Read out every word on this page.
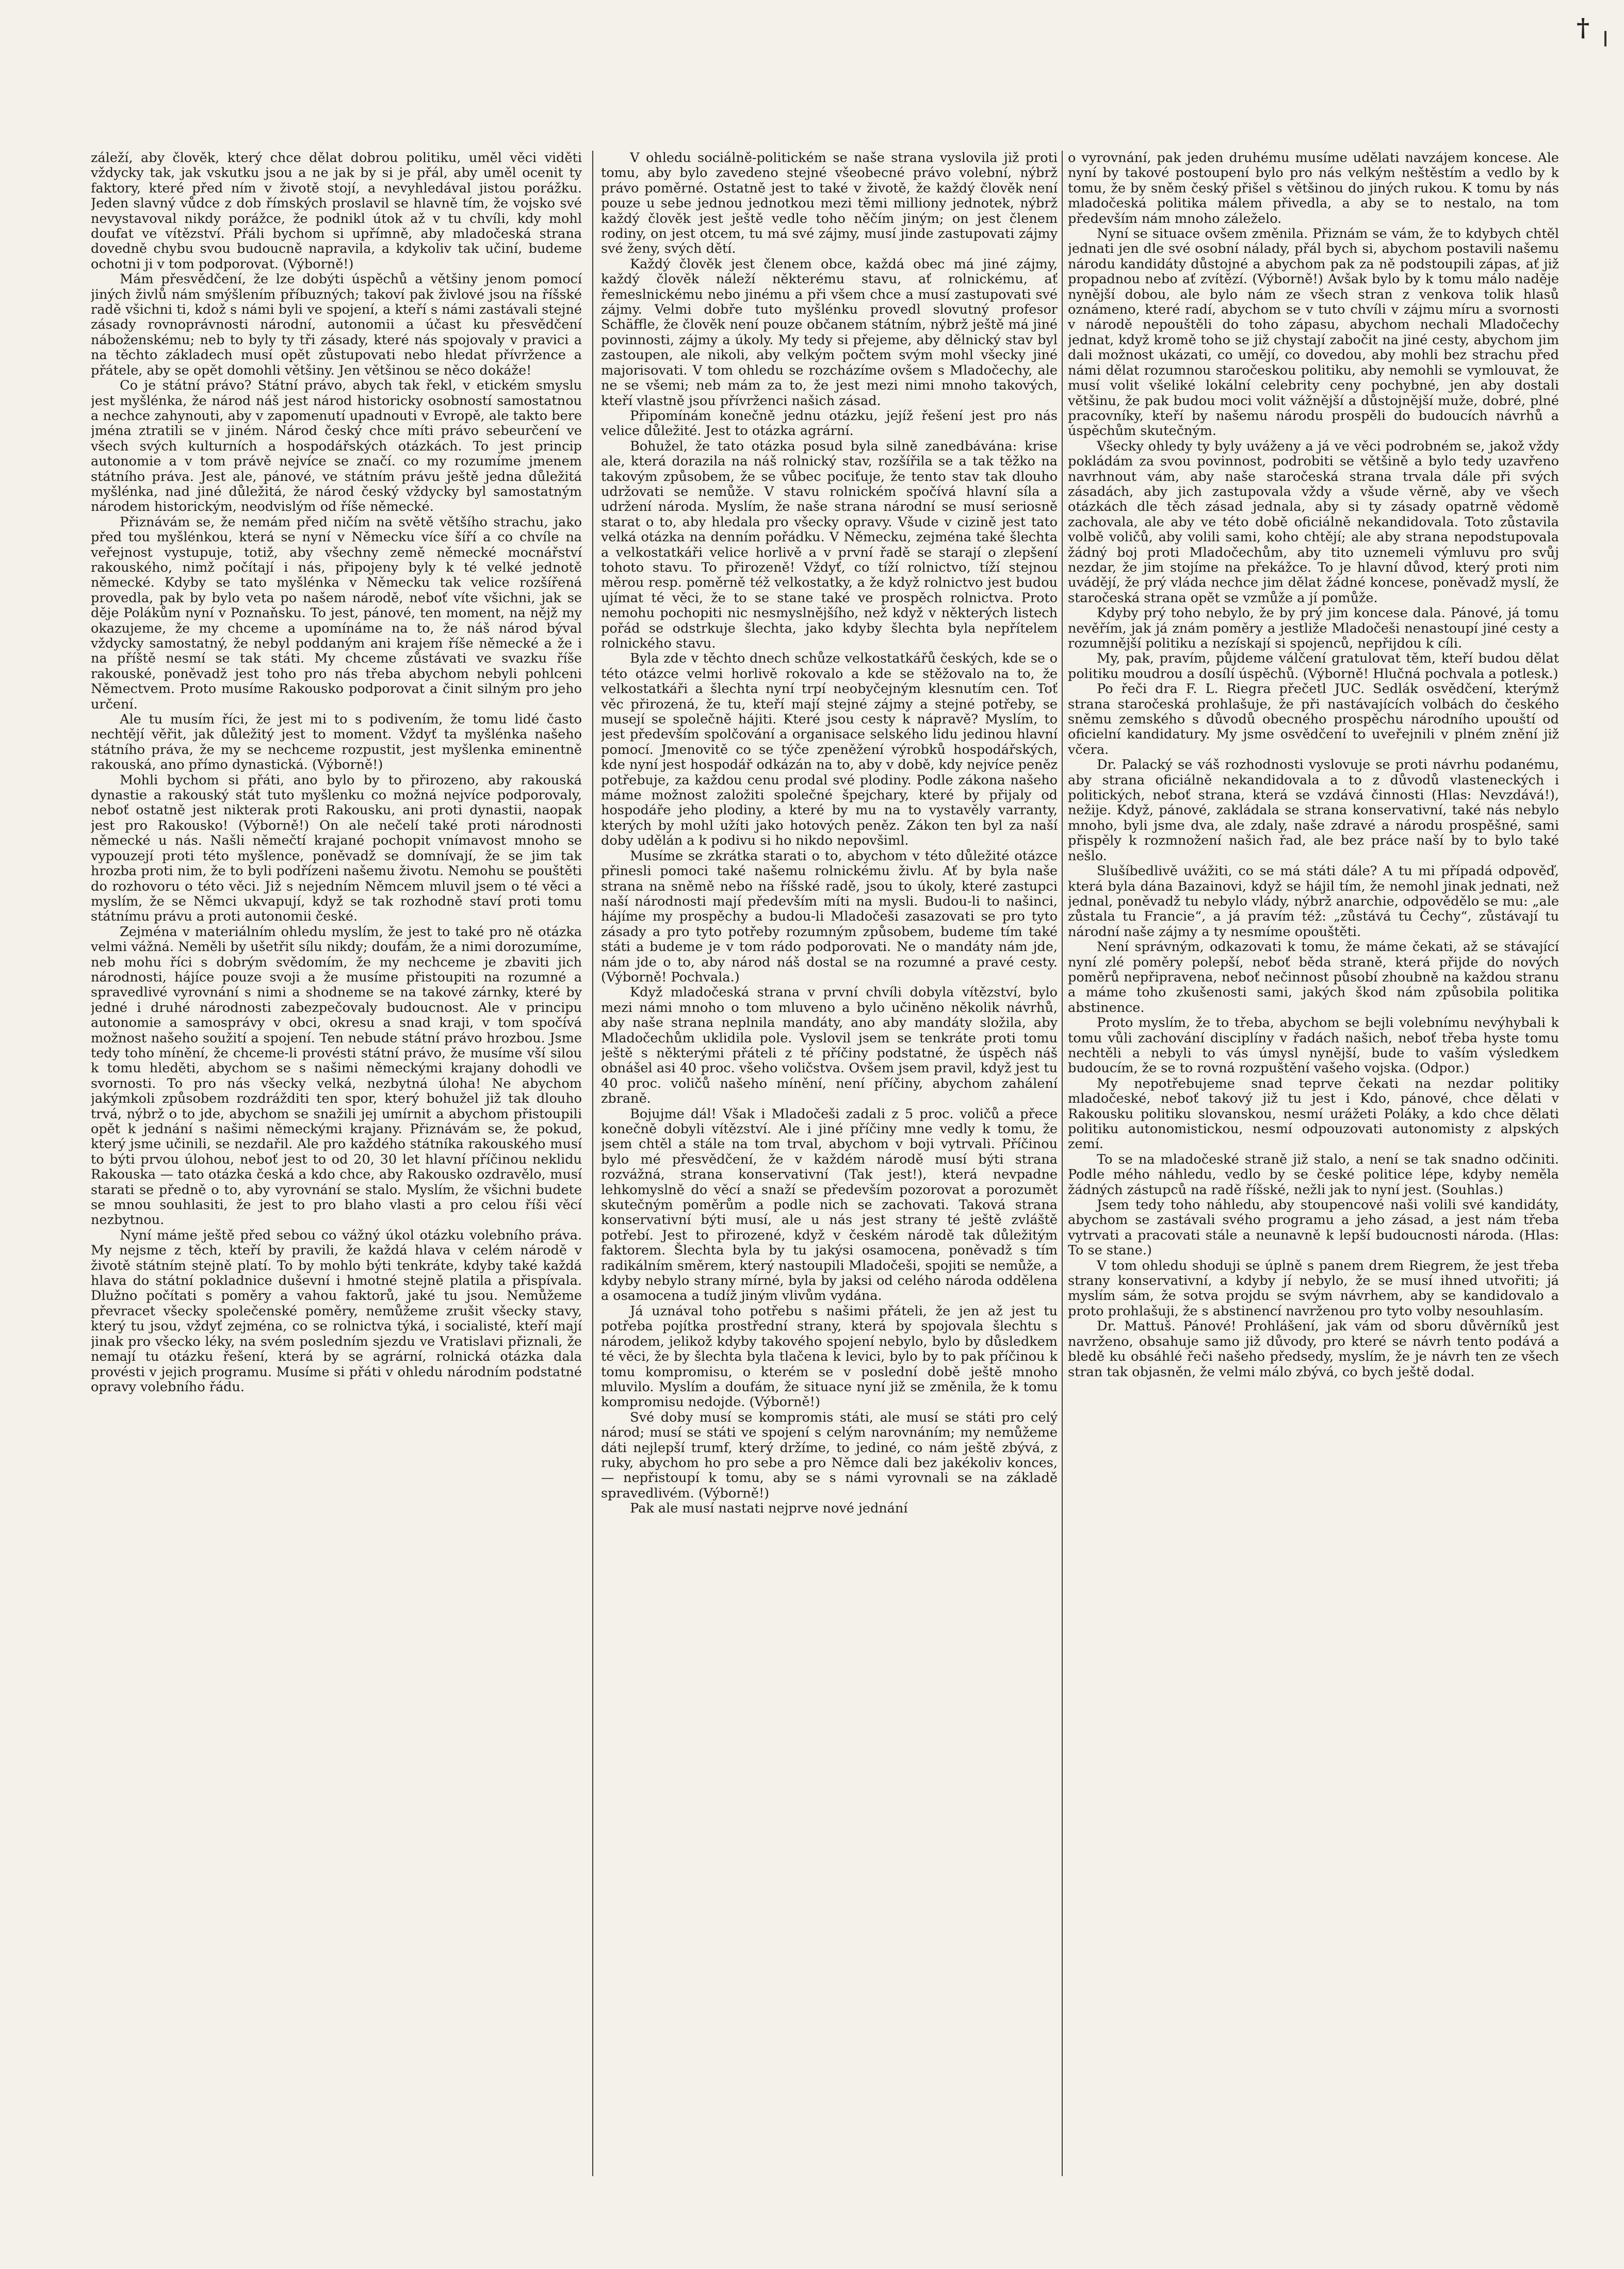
†

záleží, aby člověk, který chce dělat dobrou politiku, uměl věci viděti vždycky tak, jak vskutku jsou a ne jak by si je přál, aby uměl ocenit ty faktory, které před ním v životě stojí, a nevyhledával jistou porážku. Jeden slavný vůdce z dob římských proslavil se hlavně tím, že vojsko své nevystavoval nikdy porážce, že podnikl útok až v tu chvíli, kdy mohl doufat ve vítězství. Přáli bychom si upřímně, aby mladočeská strana dovedně chybu svou budoucně napravila, a kdykoliv tak učiní, budeme ochotni ji v tom podporovat. (Výborně!)

Mám přesvědčení, že lze dobýti úspěchů a většiny jenom pomocí jiných živlů nám smýšlením příbuzných; takoví pak živlové jsou na říšské radě všichni ti, kdož s námi byli ve spojení, a kteří s námi zastávali stejné zásady rovnoprávnosti národní, autonomii a účast ku přesvědčení náboženskému; neb to byly ty tři zásady, které nás spojovaly v pravici a na těchto základech musí opět zůstupovati nebo hledat přívržence a přátele, aby se opět domohli většiny. Jen většinou se něco dokáže!

Co je státní právo? Státní právo, abych tak řekl, v etickém smyslu jest myšlénka, že národ náš jest národ historicky osobností samostatnou a nechce zahynouti, aby v zapomenutí upadnouti v Evropě, ale takto bere jména ztratili se v jiném. Národ český chce míti právo sebeurčení ve všech svých kulturních a hospodářských otázkách. To jest princip autonomie a v tom právě nejvíce se značí. co my rozumíme jmenem státního práva. Jest ale, pánové, ve státním právu ještě jedna důležitá myšlénka, nad jiné důležitá, že národ český vždycky byl samostatným národem historickým, neodvislým od říše německé.

Přiznávám se, že nemám před ničím na světě většího strachu, jako před tou myšlénkou, která se nyní v Německu více šíří a co chvíle na veřejnost vystupuje, totiž, aby všechny země německé mocnářství rakouského, nimž počítají i nás, připojeny byly k té velké jednotě německé. Kdyby se tato myšlénka v Německu tak velice rozšířená provedla, pak by bylo veta po našem národě, neboť víte všichni, jak se děje Polákům nyní v Poznaňsku. To jest, pánové, ten moment, na nějž my okazujeme, že my chceme a upomínáme na to, že náš národ býval vždycky samostatný, že nebyl poddaným ani krajem říše německé a že i na příště nesmí se tak státi. My chceme zůstávati ve svazku říše rakouské, poněvadž jest toho pro nás třeba abychom nebyli pohlceni Němectvem. Proto musíme Rakousko podporovat a činit silným pro jeho určení.

Ale tu musím říci, že jest mi to s podivením, že tomu lidé často nechtějí věřit, jak důležitý jest to moment. Vždyť ta myšlénka našeho státního práva, že my se nechceme rozpustit, jest myšlenka eminentně rakouská, ano přímo dynastická. (Výborně!)

Mohli bychom si přáti, ano bylo by to přirozeno, aby rakouská dynastie a rakouský stát tuto myšlenku co možná nejvíce podporovaly, neboť ostatně jest nikterak proti Rakousku, ani proti dynastii, naopak jest pro Rakousko! (Výborně!) On ale nečelí také proti národnosti německé u nás. Našli němečtí krajané pochopit vnímavost mnoho se vypouzejí proti této myšlence, poněvadž se domnívají, že se jim tak hrozba proti nim, že to byli podřízeni našemu životu. Nemohu se pouštěti do rozhovoru o této věci. Již s nejedním Němcem mluvil jsem o té věci a myslím, že se Němci ukvapují, když se tak rozhodně staví proti tomu státnímu právu a proti autonomii české.

Zejména v materiálním ohledu myslím, že jest to také pro ně otázka velmi vážná. Neměli by ušetřit sílu nikdy; doufám, že a nimi dorozumíme, neb mohu říci s dobrým svědomím, že my nechceme je zbaviti jich národnosti, hájíce pouze svoji a že musíme přistoupiti na rozumné a spravedlivé vyrovnání s nimi a shodneme se na takové zárnky, které by jedné i druhé národnosti zabezpečovaly budoucnost. Ale v principu autonomie a samosprávy v obci, okresu a snad kraji, v tom spočívá možnost našeho soužití a spojení. Ten nebude státní právo hrozbou. Jsme tedy toho mínění, že chceme-li provésti státní právo, že musíme vší silou k tomu hleděti, abychom se s našimi německými krajany dohodli ve svornosti. To pro nás všecky velká, nezbytná úloha! Ne abychom jakýmkoli způsobem rozdrážditi ten spor, který bohužel již tak dlouho trvá, nýbrž o to jde, abychom se snažili jej umírnit a abychom přistoupili opět k jednání s našimi německými krajany. Přiznávám se, že pokud, který jsme učinili, se nezdařil. Ale pro každého státníka rakouského musí to býti prvou úlohou, neboť jest to od 20, 30 let hlavní příčinou neklidu Rakouska — tato otázka česká a kdo chce, aby Rakousko ozdravělo, musí starati se předně o to, aby vyrovnání se stalo. Myslím, že všichni budete se mnou souhlasiti, že jest to pro blaho vlasti a pro celou říši věcí nezbytnou.

Nyní máme ještě před sebou co vážný úkol otázku volebního práva. My nejsme z těch, kteří by pravili, že každá hlava v celém národě v životě státním stejně platí. To by mohlo býti tenkráte, kdyby také každá hlava do státní pokladnice duševní i hmotné stejně platila a přispívala. Dlužno počítati s poměry a vahou faktorů, jaké tu jsou. Nemůžeme převracet všecky společenské poměry, nemůžeme zrušit všecky stavy, který tu jsou, vždyť zejména, co se rolnictva týká, i socialisté, kteří mají jinak pro všecko léky, na svém posledním sjezdu ve Vratislavi přiznali, že nemají tu otázku řešení, která by se agrární, rolnická otázka dala provésti v jejich programu. Musíme si přáti v ohledu národním podstatné opravy volebního řádu.

V ohledu sociálně-politickém se naše strana vyslovila již proti tomu, aby bylo zavedeno stejné všeobecné právo volební, nýbrž právo poměrné. Ostatně jest to také v životě, že každý člověk není pouze u sebe jednou jednotkou mezi těmi milliony jednotek, nýbrž každý člověk jest ještě vedle toho něčím jiným; on jest členem rodiny, on jest otcem, tu má své zájmy, musí jinde zastupovati zájmy své ženy, svých dětí.

Každý člověk jest členem obce, každá obec má jiné zájmy, každý člověk náleží některému stavu, ať rolnickému, ať řemeslnickému nebo jinému a při všem chce a musí zastupovati své zájmy. Velmi dobře tuto myšlénku provedl slovutný profesor Schäffle, že člověk není pouze občanem státním, nýbrž ještě má jiné povinnosti, zájmy a úkoly. My tedy si přejeme, aby dělnický stav byl zastoupen, ale nikoli, aby velkým počtem svým mohl všecky jiné majorisovati. V tom ohledu se rozcházíme ovšem s Mladočechy, ale ne se všemi; neb mám za to, že jest mezi nimi mnoho takových, kteří vlastně jsou přívrženci našich zásad.

Připomínám konečně jednu otázku, jejíž řešení jest pro nás velice důležité. Jest to otázka agrární.

Bohužel, že tato otázka posud byla silně zanedbávána: krise ale, která dorazila na náš rolnický stav, rozšířila se a tak těžko na takovým způsobem, že se vůbec pociťuje, že tento stav tak dlouho udržovati se nemůže. V stavu rolnickém spočívá hlavní síla a udržení národa. Myslím, že naše strana národní se musí seriosně starat o to, aby hledala pro všecky opravy. Všude v cizině jest tato velká otázka na denním pořádku. V Německu, zejména také šlechta a velkostatkáři velice horlivě a v první řadě se starají o zlepšení tohoto stavu. To přirozeně! Vždyť, co tíží rolnictvo, tíží stejnou měrou resp. poměrně též velkostatky, a že když rolnictvo jest budou ujímat té věci, že to se stane také ve prospěch rolnictva. Proto nemohu pochopiti nic nesmyslnějšího, než když v některých listech pořád se odstrkuje šlechta, jako kdyby šlechta byla nepřítelem rolnického stavu.

Byla zde v těchto dnech schůze velkostatkářů českých, kde se o této otázce velmi horlivě rokovalo a kde se stěžovalo na to, že velkostatkáři a šlechta nyní trpí neobyčejným klesnutím cen. Toť věc přirozená, že tu, kteří mají stejné zájmy a stejné potřeby, se musejí se společně hájiti. Které jsou cesty k nápravě? Myslím, to jest především spolčování a organisace selského lidu jedinou hlavní pomocí. Jmenovitě co se týče zpeněžení výrobků hospodářských, kde nyní jest hospodář odkázán na to, aby v době, kdy nejvíce peněz potřebuje, za každou cenu prodal své plodiny. Podle zákona našeho máme možnost založiti společné špejchary, které by přijaly od hospodáře jeho plodiny, a které by mu na to vystavěly varranty, kterých by mohl užíti jako hotových peněz. Zákon ten byl za naší doby udělán a k podivu si ho nikdo nepovšiml.

Musíme se zkrátka starati o to, abychom v této důležité otázce přinesli pomoci také našemu rolnickému živlu. Ať by byla naše strana na sněmě nebo na říšské radě, jsou to úkoly, které zastupci naší národnosti mají především míti na mysli. Budou-li to našinci, hájíme my prospěchy a budou-li Mladočeši zasazovati se pro tyto zásady a pro tyto potřeby rozumným způsobem, budeme tím také státi a budeme je v tom rádo podporovati. Ne o mandáty nám jde, nám jde o to, aby národ náš dostal se na rozumné a pravé cesty. (Výborně! Pochvala.)

Když mladočeská strana v první chvíli dobyla vítězství, bylo mezi námi mnoho o tom mluveno a bylo učiněno několik návrhů, aby naše strana neplnila mandáty, ano aby mandáty složila, aby Mladočechům uklidila pole. Vyslovil jsem se tenkráte proti tomu ještě s některými přáteli z té příčiny podstatné, že úspěch náš obnášel asi 40 proc. všeho voličstva. Ovšem jsem pravil, když jest tu 40 proc. voličů našeho mínění, není příčiny, abychom zahálení zbraně.

Bojujme dál! Však i Mladočeši zadali z 5 proc. voličů a přece konečně dobyli vítězství. Ale i jiné příčiny mne vedly k tomu, že jsem chtěl a stále na tom trval, abychom v boji vytrvali. Příčinou bylo mé přesvědčení, že v každém národě musí býti strana rozvážná, strana konservativní (Tak jest!), která nevpadne lehkomyslně do věcí a snaží se především pozorovat a porozumět skutečným poměrům a podle nich se zachovati. Taková strana konservativní býti musí, ale u nás jest strany té ještě zvláště potřebí. Jest to přirozené, když v českém národě tak důležitým faktorem. Šlechta byla by tu jakýsi osamocena, poněvadž s tím radikálním směrem, který nastoupili Mladočeši, spojiti se nemůže, a kdyby nebylo strany mírné, byla by jaksi od celého národa oddělena a osamocena a tudíž jiným vlivům vydána.

Já uznával toho potřebu s našimi přáteli, že jen až jest tu potřeba pojítka prostřední strany, která by spojovala šlechtu s národem, jelikož kdyby takového spojení nebylo, bylo by důsledkem té věci, že by šlechta byla tlačena k levici, bylo by to pak příčinou k tomu kompromisu, o kterém se v poslední době ještě mnoho mluvilo. Myslím a doufám, že situace nyní již se změnila, že k tomu kompromisu nedojde. (Výborně!)

Své doby musí se kompromis státi, ale musí se státi pro celý národ; musí se státi ve spojení s celým narovnáním; my nemůžeme dáti nejlepší trumf, který držíme, to jediné, co nám ještě zbývá, z ruky, abychom ho pro sebe a pro Němce dali bez jakékoliv konces, — nepřistoupí k tomu, aby se s námi vyrovnali se na základě spravedlivém. (Výborně!)

Pak ale musí nastati nejprve nové jednání

o vyrovnání, pak jeden druhému musíme udělati navzájem koncese. Ale nyní by takové postoupení bylo pro nás velkým neštěstím a vedlo by k tomu, že by sněm český přišel s většinou do jiných rukou. K tomu by nás mladočeská politika málem přivedla, a aby se to nestalo, na tom především nám mnoho záleželo.

Nyní se situace ovšem změnila. Přiznám se vám, že to kdybych chtěl jednati jen dle své osobní nálady, přál bych si, abychom postavili našemu národu kandidáty důstojné a abychom pak za ně podstoupili zápas, ať již propadnou nebo ať zvítězí. (Výborně!) Avšak bylo by k tomu málo naděje nynější dobou, ale bylo nám ze všech stran z venkova tolik hlasů oznámeno, které radí, abychom se v tuto chvíli v zájmu míru a svornosti v národě nepouštěli do toho zápasu, abychom nechali Mladočechy jednat, když kromě toho se již chystají zabočit na jiné cesty, abychom jim dali možnost ukázati, co umějí, co dovedou, aby mohli bez strachu před námi dělat rozumnou staročeskou politiku, aby nemohli se vymlouvat, že musí volit všeliké lokální celebrity ceny pochybné, jen aby dostali většinu, že pak budou moci volit vážnější a důstojnější muže, dobré, plné pracovníky, kteří by našemu národu prospěli do budoucích návrhů a úspěchům skutečným.

Všecky ohledy ty byly uváženy a já ve věci podrobném se, jakož vždy pokládám za svou povinnost, podrobiti se většině a bylo tedy uzavřeno navrhnout vám, aby naše staročeská strana trvala dále při svých zásadách, aby jich zastupovala vždy a všude věrně, aby ve všech otázkách dle těch zásad jednala, aby si ty zásady opatrně vědomě zachovala, ale aby ve této době oficiálně nekandidovala. Toto zůstavila volbě voličů, aby volili sami, koho chtějí; ale aby strana nepodstupovala žádný boj proti Mladočechům, aby tito uznemeli výmluvu pro svůj nezdar, že jim stojíme na překážce. To je hlavní důvod, který proti nim uvádějí, že prý vláda nechce jim dělat žádné koncese, poněvadž myslí, že staročeská strana opět se vzmůže a jí pomůže.

Kdyby prý toho nebylo, že by prý jim koncese dala. Pánové, já tomu nevěřím, jak já znám poměry a jestliže Mladočeši nenastoupí jiné cesty a rozumnější politiku a nezískají si spojenců, nepřijdou k cíli.

My, pak, pravím, půjdeme válčení gratulovat těm, kteří budou dělat politiku moudrou a dosílí úspěchů. (Výborně! Hlučná pochvala a potlesk.)

Po řeči dra F. L. Riegra přečetl JUC. Sedlák osvědčení, kterýmž strana staročeská prohlašuje, že při nastávajících volbách do českého sněmu zemského s důvodů obecného prospěchu národního upouští od oficielní kandidatury. My jsme osvědčení to uveřejnili v plném znění již včera.

Dr. Palacký se váš rozhodnosti vyslovuje se proti návrhu podanému, aby strana oficiálně nekandidovala a to z důvodů vlasteneckých i politických, neboť strana, která se vzdává činnosti (Hlas: Nevzdává!), nežije. Když, pánové, zakládala se strana konservativní, také nás nebylo mnoho, byli jsme dva, ale zdaly, naše zdravé a národu prospěšné, sami přispěly k rozmnožení našich řad, ale bez práce naší by to bylo také nešlo.

Slušíbedlivě uvážiti, co se má státi dále? A tu mi případá odpověď, která byla dána Bazainovi, když se hájil tím, že nemohl jinak jednati, než jednal, poněvadž tu nebylo vlády, nýbrž anarchie, odpovědělo se mu: „ale zůstala tu Francie“, a já pravím též: „zůstává tu Čechy“, zůstávají tu národní naše zájmy a ty nesmíme opouštěti.

Není správným, odkazovati k tomu, že máme čekati, až se stávající nyní zlé poměry polepší, neboť běda straně, která přijde do nových poměrů nepřipravena, neboť nečinnost působí zhoubně na každou stranu a máme toho zkušenosti sami, jakých škod nám způsobila politika abstinence.

Proto myslím, že to třeba, abychom se bejli volebnímu nevýhybali k tomu vůli zachování disciplíny v řadách našich, neboť třeba hyste tomu nechtěli a nebyli to vás úmysl nynější, bude to vaším výsledkem budoucím, že se to rovná rozpuštění vašeho vojska. (Odpor.)

My nepotřebujeme snad teprve čekati na nezdar politiky mladočeské, neboť takový již tu jest i Kdo, pánové, chce dělati v Rakousku politiku slovanskou, nesmí urážeti Poláky, a kdo chce dělati politiku autonomistickou, nesmí odpouzovati autonomisty z alpských zemí.

To se na mladočeské straně již stalo, a není se tak snadno odčiniti. Podle mého náhledu, vedlo by se české politice lépe, kdyby neměla žádných zástupců na radě říšské, nežli jak to nyní jest. (Souhlas.)

Jsem tedy toho náhledu, aby stoupencové naši volili své kandidáty, abychom se zastávali svého programu a jeho zásad, a jest nám třeba vytrvati a pracovati stále a neunavně k lepší budoucnosti národa. (Hlas: To se stane.)

V tom ohledu shoduji se úplně s panem drem Riegrem, že jest třeba strany konservativní, a kdyby jí nebylo, že se musí ihned utvořiti; já myslím sám, že sotva projdu se svým návrhem, aby se kandidovalo a proto prohlašuji, že s abstinencí navrženou pro tyto volby nesouhlasím.

Dr. Mattuš. Pánové! Prohlášení, jak vám od sboru důvěrníků jest navrženo, obsahuje samo již důvody, pro které se návrh tento podává a bledě ku obsáhlé řeči našeho předsedy, myslím, že je návrh ten ze všech stran tak objasněn, že velmi málo zbývá, co bych ještě dodal.
